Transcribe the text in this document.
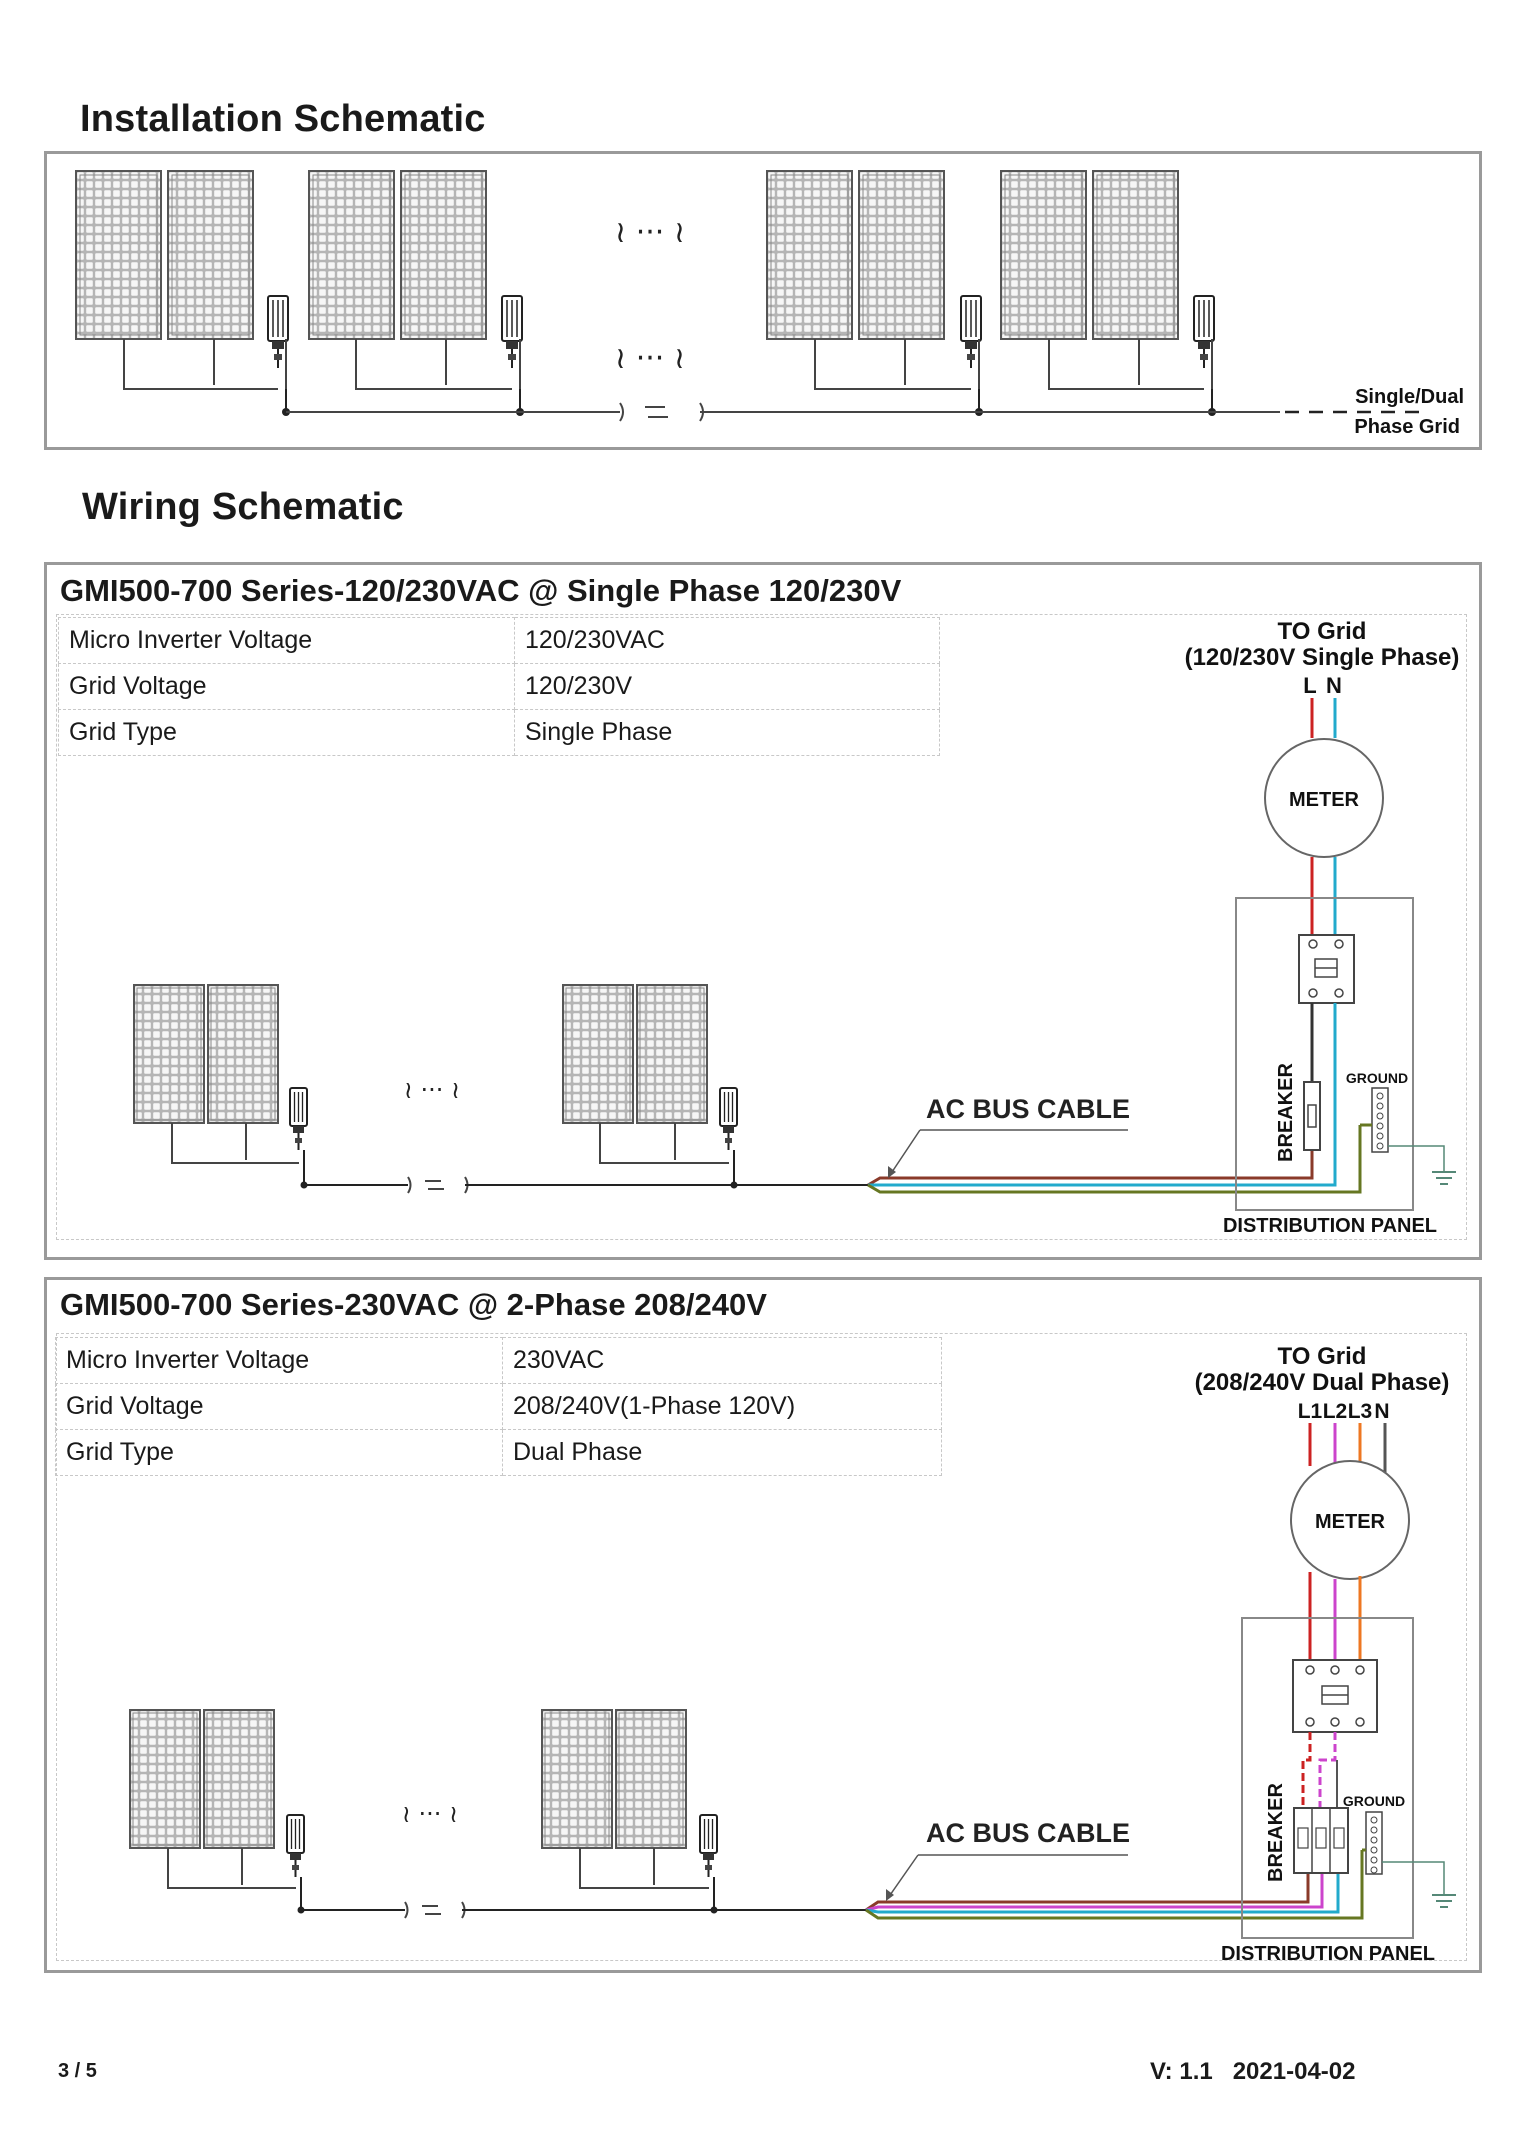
Installation Schematic
≀ ··· ≀
≀ ··· ≀
Single/Dual
Phase Grid
≀ ··· ≀
AC BUS CABLE
TO Grid
(120/230V Single Phase)
L N
METER
BREAKER	GROUND
DISTRIBUTION PANEL
≀ ··· ≀
AC BUS CABLE
TO Grid
(208/240V Dual Phase)
L1 L2 L3 N
METER
BREAKER	GROUND
DISTRIBUTION PANEL
Wiring Schematic
GMI500-700 Series-120/230VAC @ Single Phase 120/230V
Micro Inverter Voltage	120/230VAC
Grid Voltage	120/230V
Grid Type	Single Phase
GMI500-700 Series-230VAC @ 2-Phase 208/240V
Micro Inverter Voltage	230VAC
Grid Voltage	208/240V(1-Phase 120V)
Grid Type	Dual Phase
3 / 5	V: 1.1   2021-04-02
